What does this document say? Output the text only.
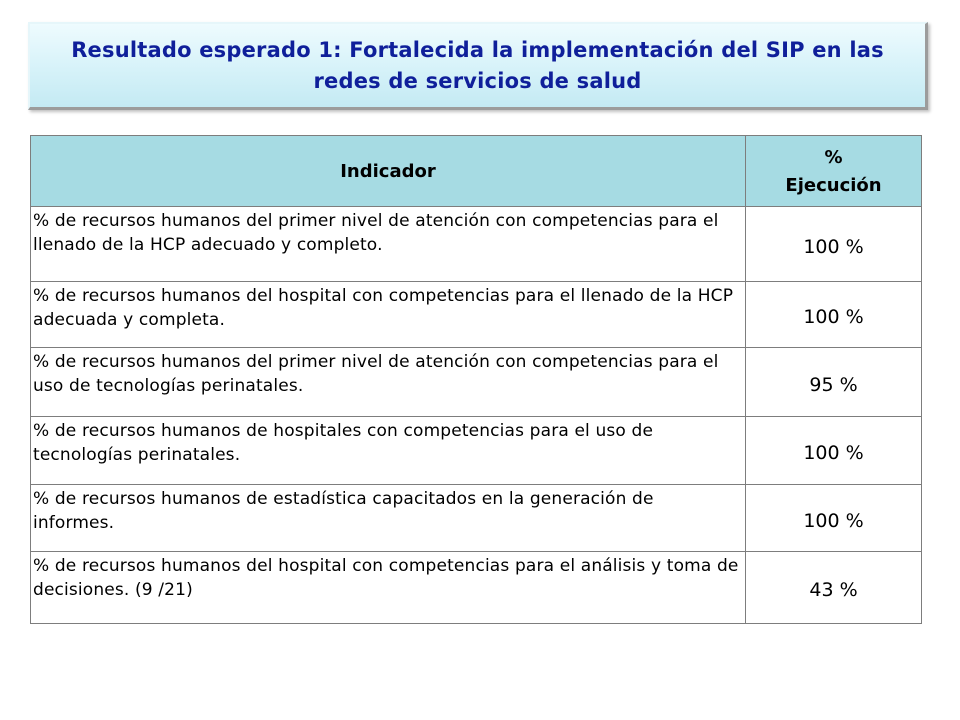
Resultado esperado 1: Fortalecida la implementación del SIP en las
redes de servicios de salud
Indicador	%
Ejecución
% de recursos humanos del primer nivel de atención con competencias para el llenado de la HCP adecuado y completo.	100 %
% de recursos humanos del hospital con competencias para el llenado de la HCP adecuada y completa.	100 %
% de recursos humanos del primer nivel de atención con competencias para el uso de tecnologías perinatales.	95 %
% de recursos humanos de hospitales con competencias para el uso de tecnologías perinatales.	100 %
% de recursos humanos de estadística capacitados en la generación de informes.	100 %
% de recursos humanos del hospital con competencias para el análisis y toma de decisiones. (9 /21)	43 %
